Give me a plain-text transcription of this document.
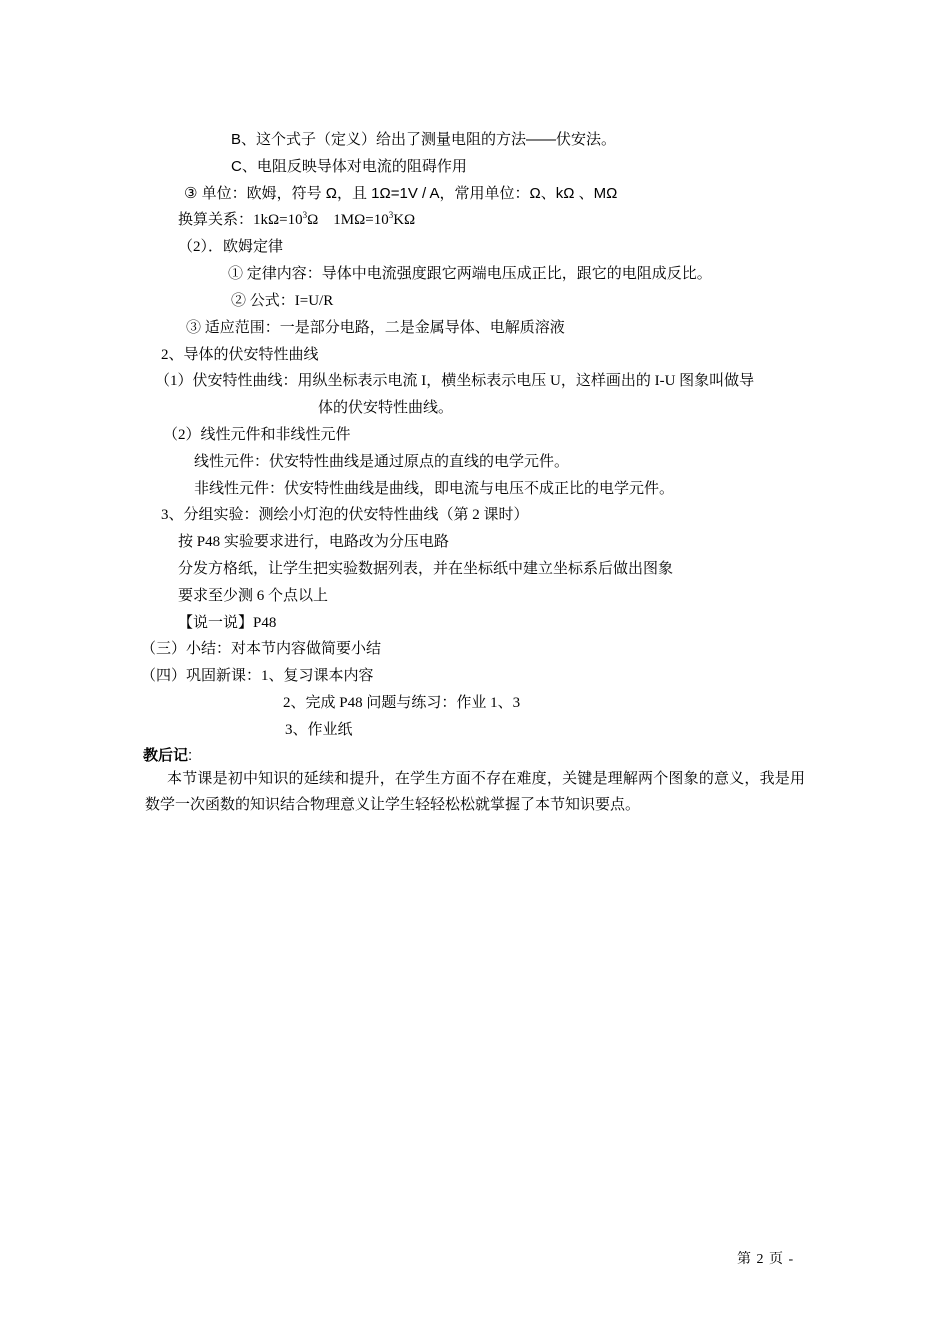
B、这个式子（定义）给出了测量电阻的方法——伏安法。
C、电阻反映导体对电流的阻碍作用
③ 单位：欧姆，符号 Ω，且 1Ω=1V / A，常用单位：Ω、kΩ 、MΩ
换算关系：$1k\Omega=10^3\Omega$　$1M\Omega=10^3K\Omega$
（2）．欧姆定律
① 定律内容：导体中电流强度跟它两端电压成正比，跟它的电阻成反比。
② 公式：I=U/R
③ 适应范围：一是部分电路，二是金属导体、电解质溶液
2、导体的伏安特性曲线
（1）伏安特性曲线：用纵坐标表示电流 I，横坐标表示电压 U，这样画出的 I-U 图象叫做导
体的伏安特性曲线。
（2）线性元件和非线性元件
线性元件：伏安特性曲线是通过原点的直线的电学元件。
非线性元件：伏安特性曲线是曲线，即电流与电压不成正比的电学元件。
3、分组实验：测绘小灯泡的伏安特性曲线（第 2 课时）
按 P48 实验要求进行，电路改为分压电路
分发方格纸，让学生把实验数据列表，并在坐标纸中建立坐标系后做出图象
要求至少测 6 个点以上
【说一说】P48
（三）小结：对本节内容做简要小结
（四）巩固新课：1、复习课本内容
2、完成 P48 问题与练习：作业 1、3
3、作业纸
教后记:
本节课是初中知识的延续和提升，在学生方面不存在难度，关键是理解两个图象的意义，我是用数学一次函数的知识结合物理意义让学生轻轻松松就掌握了本节知识要点。
第 2 页 -
